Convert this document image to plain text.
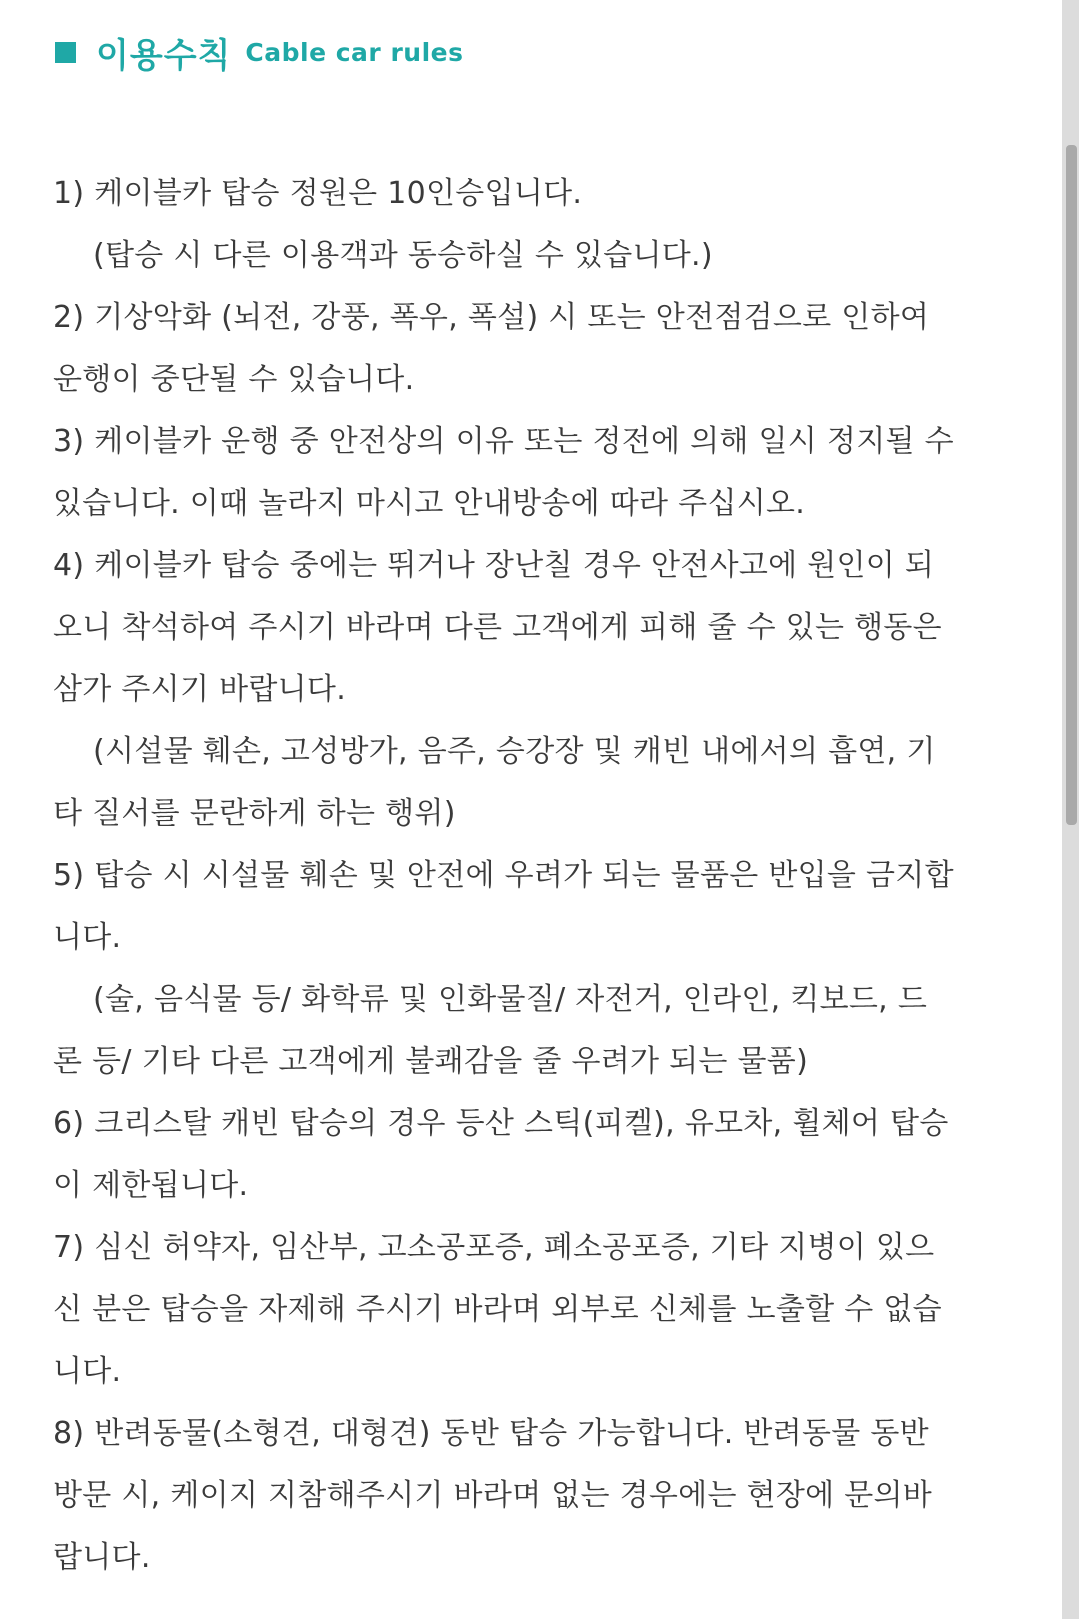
이용수칙 Cable car rules
1) 케이블카 탑승 정원은 10인승입니다.
(탑승 시 다른 이용객과 동승하실 수 있습니다.)
2) 기상악화 (뇌전, 강풍, 폭우, 폭설) 시 또는 안전점검으로 인하여
운행이 중단될 수 있습니다.
3) 케이블카 운행 중 안전상의 이유 또는 정전에 의해 일시 정지될 수
있습니다. 이때 놀라지 마시고 안내방송에 따라 주십시오.
4) 케이블카 탑승 중에는 뛰거나 장난칠 경우 안전사고에 원인이 되
오니 착석하여 주시기 바라며 다른 고객에게 피해 줄 수 있는 행동은
삼가 주시기 바랍니다.
(시설물 훼손, 고성방가, 음주, 승강장 및 캐빈 내에서의 흡연, 기
타 질서를 문란하게 하는 행위)
5) 탑승 시 시설물 훼손 및 안전에 우려가 되는 물품은 반입을 금지합
니다.
(술, 음식물 등/ 화학류 및 인화물질/ 자전거, 인라인, 킥보드, 드
론 등/ 기타 다른 고객에게 불쾌감을 줄 우려가 되는 물품)
6) 크리스탈 캐빈 탑승의 경우 등산 스틱(피켈), 유모차, 휠체어 탑승
이 제한됩니다.
7) 심신 허약자, 임산부, 고소공포증, 폐소공포증, 기타 지병이 있으
신 분은 탑승을 자제해 주시기 바라며 외부로 신체를 노출할 수 없습
니다.
8) 반려동물(소형견, 대형견) 동반 탑승 가능합니다. 반려동물 동반
방문 시, 케이지 지참해주시기 바라며 없는 경우에는 현장에 문의바
랍니다.
